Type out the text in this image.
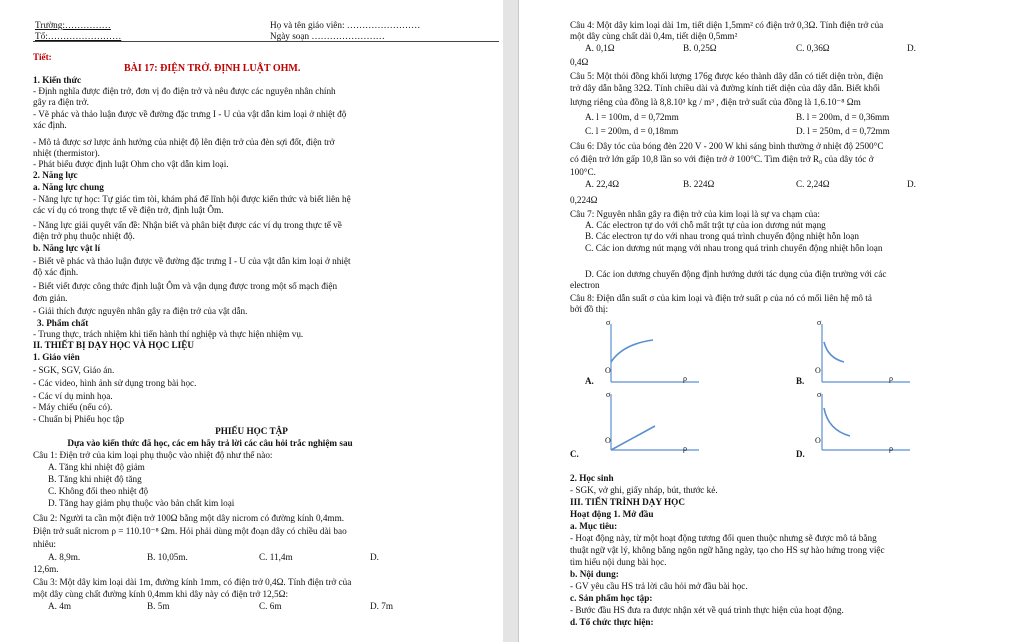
Trường:……………
Tổ:……………………
Họ và tên giáo viên: ……………………
Ngày soạn ……………………
Tiết:
BÀI 17: ĐIỆN TRỞ. ĐỊNH LUẬT OHM.
1. Kiến thức
- Định nghĩa được điện trở, đơn vị đo điện trở và nêu được các nguyên nhân chính
gây ra điện trở.
- Vẽ phác và thảo luận được về đường đặc trưng I - U của vật dẫn kim loại ở nhiệt độ
xác định.
- Mô tả được sơ lược ảnh hưởng của nhiệt độ lên điện trở của đèn sợi đốt, điện trở
nhiệt (thermistor).
- Phát biểu được định luật Ohm cho vật dẫn kim loại.
2. Năng lực
a. Năng lực chung
- Năng lực tự học: Tự giác tìm tòi, khám phá để lĩnh hội được kiến thức và biết liên hệ
các ví dụ có trong thực tế về điện trở, định luật Ôm.
- Năng lực giải quyết vấn đề: Nhận biết và phân biệt được các ví dụ trong thực tế về
điện trở phụ thuộc nhiệt độ.
b. Năng lực vật lí
- Biết vẽ phác và thảo luận được về đường đặc trưng I - U của vật dẫn kim loại ở nhiệt
độ xác định.
- Biết viết được công thức định luật Ôm và vận dụng được trong một số mạch điện
đơn giản.
- Giải thích được nguyên nhân gây ra điện trở của vật dẫn.
3. Phẩm chất
- Trung thực, trách nhiệm khi tiến hành thí nghiệp và thực hiện nhiệm vụ.
II. THIẾT BỊ DẠY HỌC VÀ HỌC LIỆU
1. Giáo viên
- SGK, SGV, Giáo án.
- Các video, hình ảnh sử dụng trong bài học.
- Các ví dụ minh họa.
- Máy chiếu (nếu có).
- Chuẩn bị Phiếu học tập
PHIẾU HỌC TẬP
Dựa vào kiến thức đã học, các em hãy trả lời các câu hỏi trắc nghiệm sau
Câu 1: Điện trở của kim loại phụ thuộc vào nhiệt độ như thế nào:
A. Tăng khi nhiệt độ giảm
B. Tăng khi nhiệt độ tăng
C. Không đổi theo nhiệt độ
D. Tăng hay giảm phụ thuộc vào bản chất kim loại
Câu 2: Người ta cần một điện trở 100Ω bằng một dây nicrom có đường kính 0,4mm.
Điện trở suất nicrom ρ = 110.10⁻⁸ Ωm. Hỏi phải dùng một đoạn dây có chiều dài bao
nhiêu:
A. 8,9m.	B. 10,05m.	C. 11,4m	D.
12,6m.
Câu 3: Một dây kim loại dài 1m, đường kính 1mm, có điện trở 0,4Ω. Tính điện trở của
một dây cùng chất đường kính 0,4mm khi dây này có điện trở 12,5Ω:
A. 4m	B. 5m	C. 6m	D. 7m
Câu 4: Một dây kim loại dài 1m, tiết diện 1,5mm² có điện trở 0,3Ω. Tính điện trở của
một dây cùng chất dài 0,4m, tiết diện 0,5mm²
A. 0,1Ω	B. 0,25Ω	C. 0,36Ω	D.
0,4Ω
Câu 5: Một thỏi đồng khối lượng 176g được kéo thành dây dẫn có tiết diện tròn, điện
trở dây dẫn bằng 32Ω. Tính chiều dài và đường kính tiết diện của dây dẫn. Biết khối
lượng riêng của đồng là 8,8.10³ kg / m³ , điện trở suất của đồng là 1,6.10⁻⁸ Ωm
A. l = 100m, d = 0,72mm	B. l = 200m, d = 0,36mm
C. l = 200m, d = 0,18mm	D. l = 250m, d = 0,72mm
Câu 6: Dây tóc của bóng đèn 220 V - 200 W khi sáng bình thường ở nhiệt độ 2500°C
có điện trở lớn gấp 10,8 lần so với điện trở ở 100°C. Tìm điện trở R₀ của dây tóc ở
100°C.
A. 22,4Ω	B. 224Ω	C. 2,24Ω	D.
0,224Ω
Câu 7: Nguyên nhân gây ra điện trở của kim loại là sự va chạm của:
A. Các electron tự do với chỗ mất trật tự của ion dương nút mạng
B. Các electron tự do với nhau trong quá trình chuyển động nhiệt hỗn loạn
C. Các ion dương nút mạng với nhau trong quá trình chuyển động nhiệt hỗn loạn
D. Các ion dương chuyển động định hướng dưới tác dụng của điện trường với các
electron
Câu 8: Điện dẫn suất σ của kim loại và điện trở suất ρ của nó có mối liên hệ mô tả
bởi đồ thị:
σ
O
ρ
A.
σ
O
ρ
B.
σ
O
ρ
C.
σ
O
ρ
D.
2. Học sinh
- SGK, vở ghi, giấy nháp, bút, thước kẻ.
III. TIẾN TRÌNH DẠY HỌC
Hoạt động 1. Mở đầu
a. Mục tiêu:
- Hoạt động này, từ một hoạt động tương đối quen thuộc nhưng sẽ được mô tả bằng
thuật ngữ vật lý, không bằng ngôn ngữ hằng ngày, tạo cho HS sự hào hứng trong việc
tìm hiểu nội dung bài học.
b. Nội dung:
- GV yêu cầu HS trả lời câu hỏi mở đầu bài học.
c. Sản phẩm học tập:
- Bước đầu HS đưa ra được nhận xét về quá trình thực hiện của hoạt động.
d. Tổ chức thực hiện:
